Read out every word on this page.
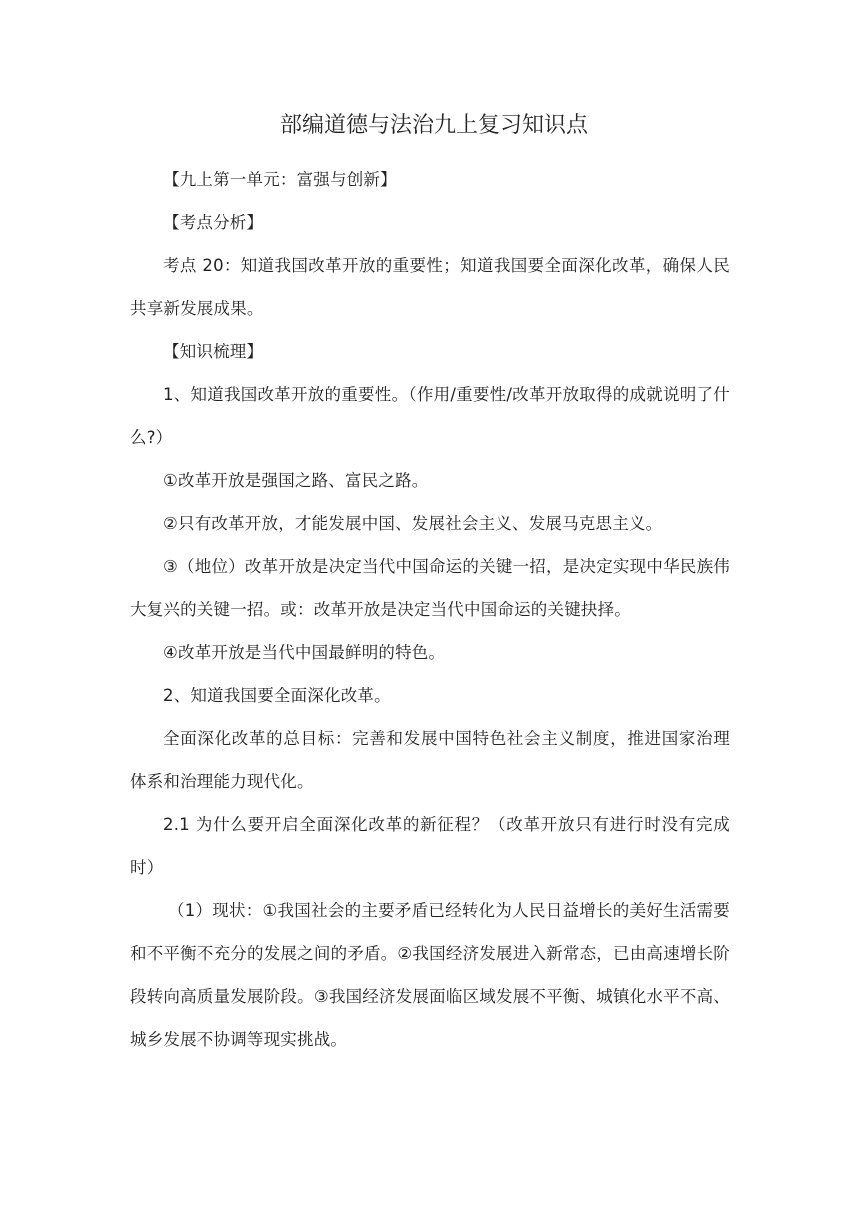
部编道德与法治九上复习知识点

【九上第一单元：富强与创新】

【考点分析】

考点 20：知道我国改革开放的重要性；知道我国要全面深化改革，确保人民共享新发展成果。

【知识梳理】

1、知道我国改革开放的重要性。（作用/重要性/改革开放取得的成就说明了什么?）

①改革开放是强国之路、富民之路。

②只有改革开放，才能发展中国、发展社会主义、发展马克思主义。

③（地位）改革开放是决定当代中国命运的关键一招，是决定实现中华民族伟大复兴的关键一招。或：改革开放是决定当代中国命运的关键抉择。

④改革开放是当代中国最鲜明的特色。

2、知道我国要全面深化改革。

全面深化改革的总目标：完善和发展中国特色社会主义制度，推进国家治理体系和治理能力现代化。

2.1 为什么要开启全面深化改革的新征程？（改革开放只有进行时没有完成时）

（1）现状：①我国社会的主要矛盾已经转化为人民日益增长的美好生活需要和不平衡不充分的发展之间的矛盾。②我国经济发展进入新常态，已由高速增长阶段转向高质量发展阶段。③我国经济发展面临区域发展不平衡、城镇化水平不高、城乡发展不协调等现实挑战。
